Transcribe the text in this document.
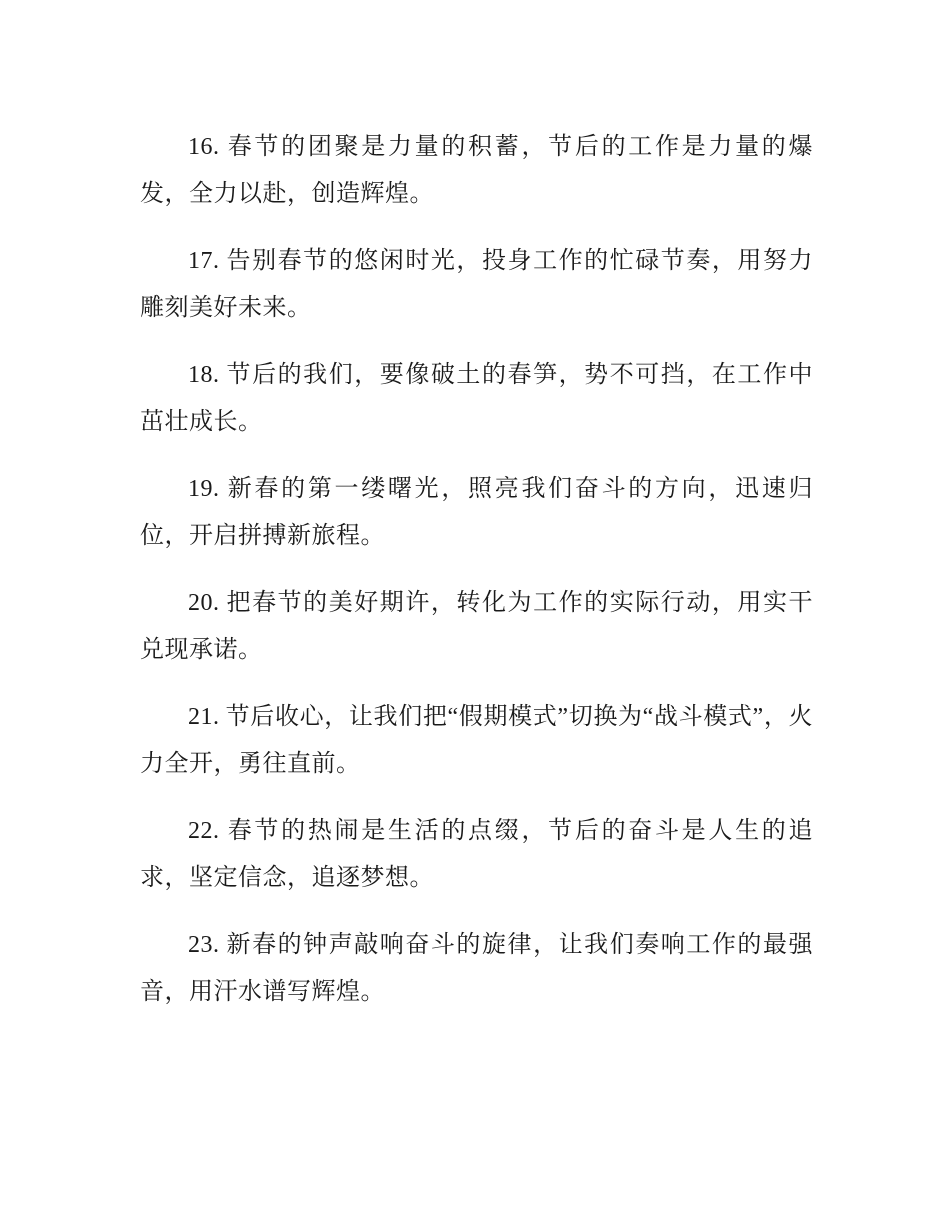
16. 春节的团聚是力量的积蓄，节后的工作是力量的爆发，全力以赴，创造辉煌。

17. 告别春节的悠闲时光，投身工作的忙碌节奏，用努力雕刻美好未来。

18. 节后的我们，要像破土的春笋，势不可挡，在工作中茁壮成长。

19. 新春的第一缕曙光，照亮我们奋斗的方向，迅速归位，开启拼搏新旅程。

20. 把春节的美好期许，转化为工作的实际行动，用实干兑现承诺。

21. 节后收心，让我们把“假期模式”切换为“战斗模式”，火力全开，勇往直前。

22. 春节的热闹是生活的点缀，节后的奋斗是人生的追求，坚定信念，追逐梦想。

23. 新春的钟声敲响奋斗的旋律，让我们奏响工作的最强音，用汗水谱写辉煌。
